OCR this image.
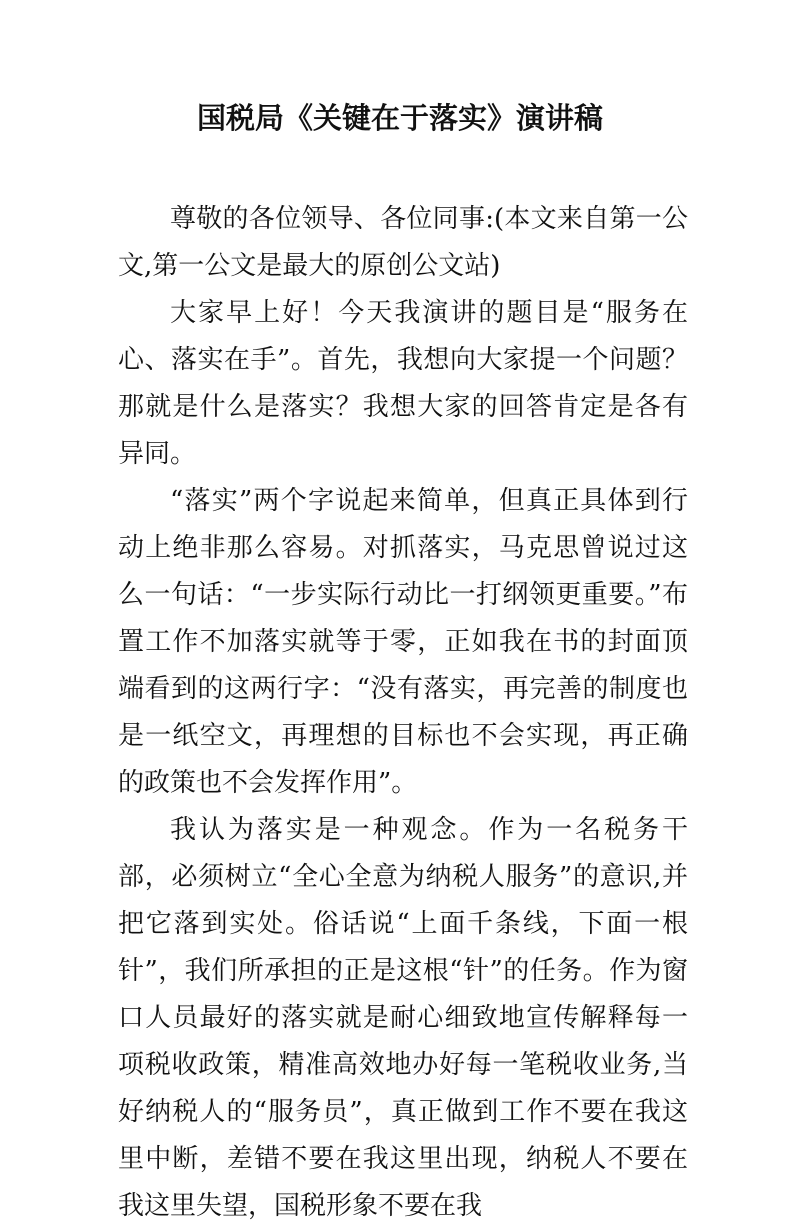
国税局《关键在于落实》演讲稿

尊敬的各位领导、各位同事:(本文来自第一公文,第一公文是最大的原创公文站)

大家早上好！今天我演讲的题目是“服务在心、落实在手”。首先，我想向大家提一个问题？那就是什么是落实？我想大家的回答肯定是各有异同。

“落实”两个字说起来简单，但真正具体到行动上绝非那么容易。对抓落实，马克思曾说过这么一句话：“一步实际行动比一打纲领更重要。”布置工作不加落实就等于零，正如我在书的封面顶端看到的这两行字：“没有落实，再完善的制度也是一纸空文，再理想的目标也不会实现，再正确的政策也不会发挥作用”。

我认为落实是一种观念。作为一名税务干部，必须树立“全心全意为纳税人服务”的意识,并把它落到实处。俗话说“上面千条线，下面一根针”，我们所承担的正是这根“针”的任务。作为窗口人员最好的落实就是耐心细致地宣传解释每一项税收政策，精准高效地办好每一笔税收业务,当好纳税人的“服务员”，真正做到工作不要在我这里中断，差错不要在我这里出现，纳税人不要在我这里失望，国税形象不要在我
